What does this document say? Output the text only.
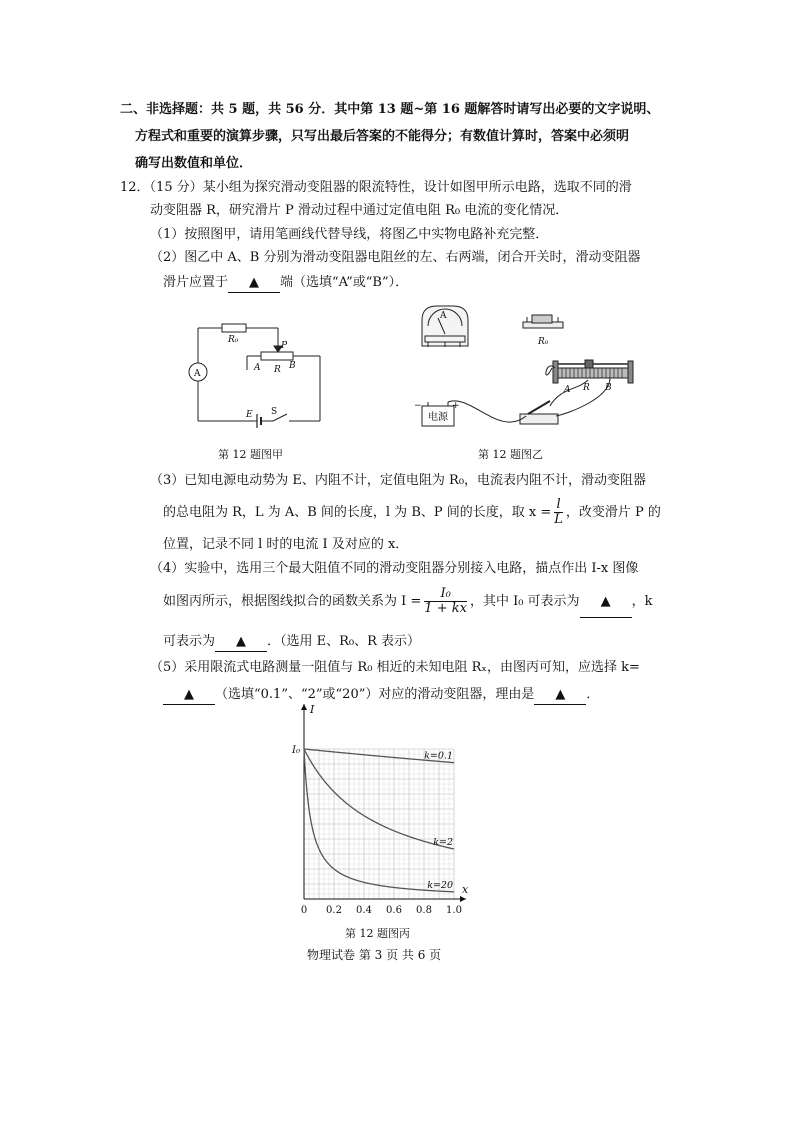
二、非选择题：共 5 题，共 56 分．其中第 13 题~第 16 题解答时请写出必要的文字说明、
方程式和重要的演算步骤，只写出最后答案的不能得分；有数值计算时，答案中必须明
确写出数值和单位．
12．（15 分）某小组为探究滑动变阻器的限流特性，设计如图甲所示电路，选取不同的滑
动变阻器 R，研究滑片 P 滑动过程中通过定值电阻 R₀ 电流的变化情况．
（1）按照图甲，请用笔画线代替导线，将图乙中实物电路补充完整．
（2）图乙中 A、B 分别为滑动变阻器电阻丝的左、右两端，闭合开关时，滑动变阻器
滑片应置于 ▲ 端（选填“A”或“B”）．
R₀
P
A R B
E S
A
第 12 题图甲
A
R₀
电源
−	+
A R B
第 12 题图乙
（3）已知电源电动势为 E、内阻不计，定值电阻为 R₀，电流表内阻不计，滑动变阻器
的总电阻为 R，L 为 A、B 间的长度，l 为 B、P 间的长度，取 $x = \frac{l}{L}$ ，改变滑片 P 的
位置，记录不同 l 时的电流 I 及对应的 x．
（4）实验中，选用三个最大阻值不同的滑动变阻器分别接入电路，描点作出 I-x 图像
如图丙所示，根据图线拟合的函数关系为 $I = \frac{\text{I₀}}{1 + kx}$ ，其中 I₀ 可表示为 ▲ ，k
可表示为 ▲ ．（选用 E、R₀、R 表示）
（5）采用限流式电路测量一阻值与 R₀ 相近的未知电阻 Rₓ，由图丙可知，应选择 k=
▲ （选填“0.1”、“2”或“20”）对应的滑动变阻器，理由是 ▲ ．
0 0.2 0.4 0.6 0.8 1.0
I₀
I
x
k=0.1
k=2
k=20
第 12 题图丙
物理试卷 第 3 页 共 6 页
